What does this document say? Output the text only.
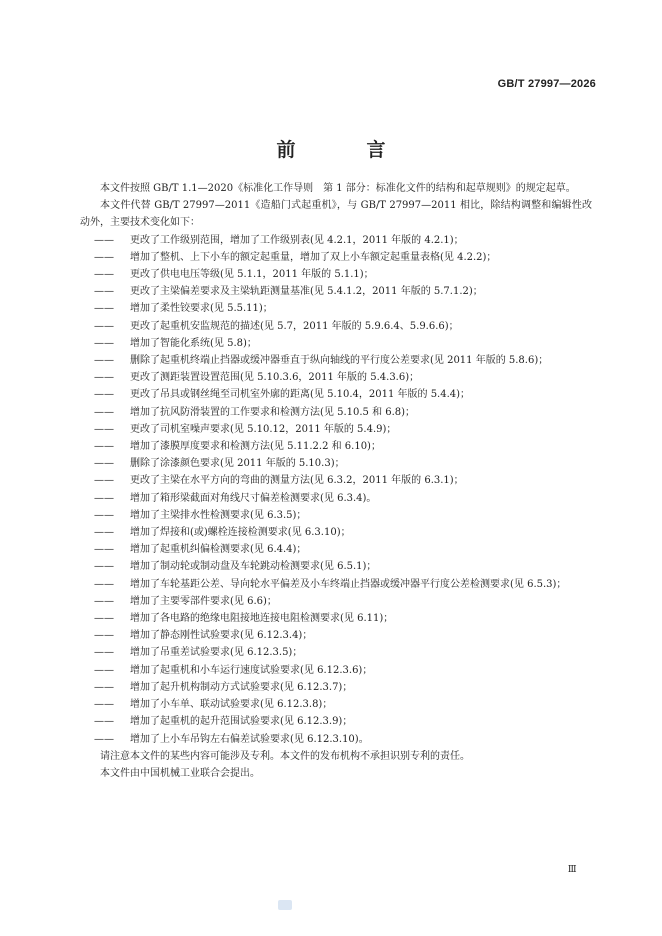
GB/T 27997—2026
前　言

本文件按照 GB/T 1.1—2020《标准化工作导则　第 1 部分：标准化文件的结构和起草规则》的规定起草。

本文件代替 GB/T 27997—2011《造船门式起重机》，与 GB/T 27997—2011 相比，除结构调整和编辑性改动外，主要技术变化如下：

——	更改了工作级别范围，增加了工作级别表(见 4.2.1，2011 年版的 4.2.1)；

——	增加了整机、上下小车的额定起重量，增加了双上小车额定起重量表格(见 4.2.2)；

——	更改了供电电压等级(见 5.1.1，2011 年版的 5.1.1)；

——	更改了主梁偏差要求及主梁轨距测量基准(见 5.4.1.2，2011 年版的 5.7.1.2)；

——	增加了柔性铰要求(见 5.5.11)；

——	更改了起重机安监规范的描述(见 5.7，2011 年版的 5.9.6.4、5.9.6.6)；

——	增加了智能化系统(见 5.8)；

——	删除了起重机终端止挡器或缓冲器垂直于纵向轴线的平行度公差要求(见 2011 年版的 5.8.6)；

——	更改了测距装置设置范围(见 5.10.3.6，2011 年版的 5.4.3.6)；

——	更改了吊具或钢丝绳至司机室外廓的距离(见 5.10.4，2011 年版的 5.4.4)；

——	增加了抗风防滑装置的工作要求和检测方法(见 5.10.5 和 6.8)；

——	更改了司机室噪声要求(见 5.10.12，2011 年版的 5.4.9)；

——	增加了漆膜厚度要求和检测方法(见 5.11.2.2 和 6.10)；

——	删除了涂漆颜色要求(见 2011 年版的 5.10.3)；

——	更改了主梁在水平方向的弯曲的测量方法(见 6.3.2，2011 年版的 6.3.1)；

——	增加了箱形梁截面对角线尺寸偏差检测要求(见 6.3.4)。

——	增加了主梁排水性检测要求(见 6.3.5)；

——	增加了焊接和(或)螺栓连接检测要求(见 6.3.10)；

——	增加了起重机纠偏检测要求(见 6.4.4)；

——	增加了制动轮或制动盘及车轮跳动检测要求(见 6.5.1)；

——	增加了车轮基距公差、导向轮水平偏差及小车终端止挡器或缓冲器平行度公差检测要求(见 6.5.3)；

——	增加了主要零部件要求(见 6.6)；

——	增加了各电路的绝缘电阻接地连接电阻检测要求(见 6.11)；

——	增加了静态刚性试验要求(见 6.12.3.4)；

——	增加了吊重差试验要求(见 6.12.3.5)；

——	增加了起重机和小车运行速度试验要求(见 6.12.3.6)；

——	增加了起升机构制动方式试验要求(见 6.12.3.7)；

——	增加了小车单、联动试验要求(见 6.12.3.8)；

——	增加了起重机的起升范围试验要求(见 6.12.3.9)；

——	增加了上小车吊钩左右偏差试验要求(见 6.12.3.10)。

请注意本文件的某些内容可能涉及专利。本文件的发布机构不承担识别专利的责任。

本文件由中国机械工业联合会提出。

Ⅲ
